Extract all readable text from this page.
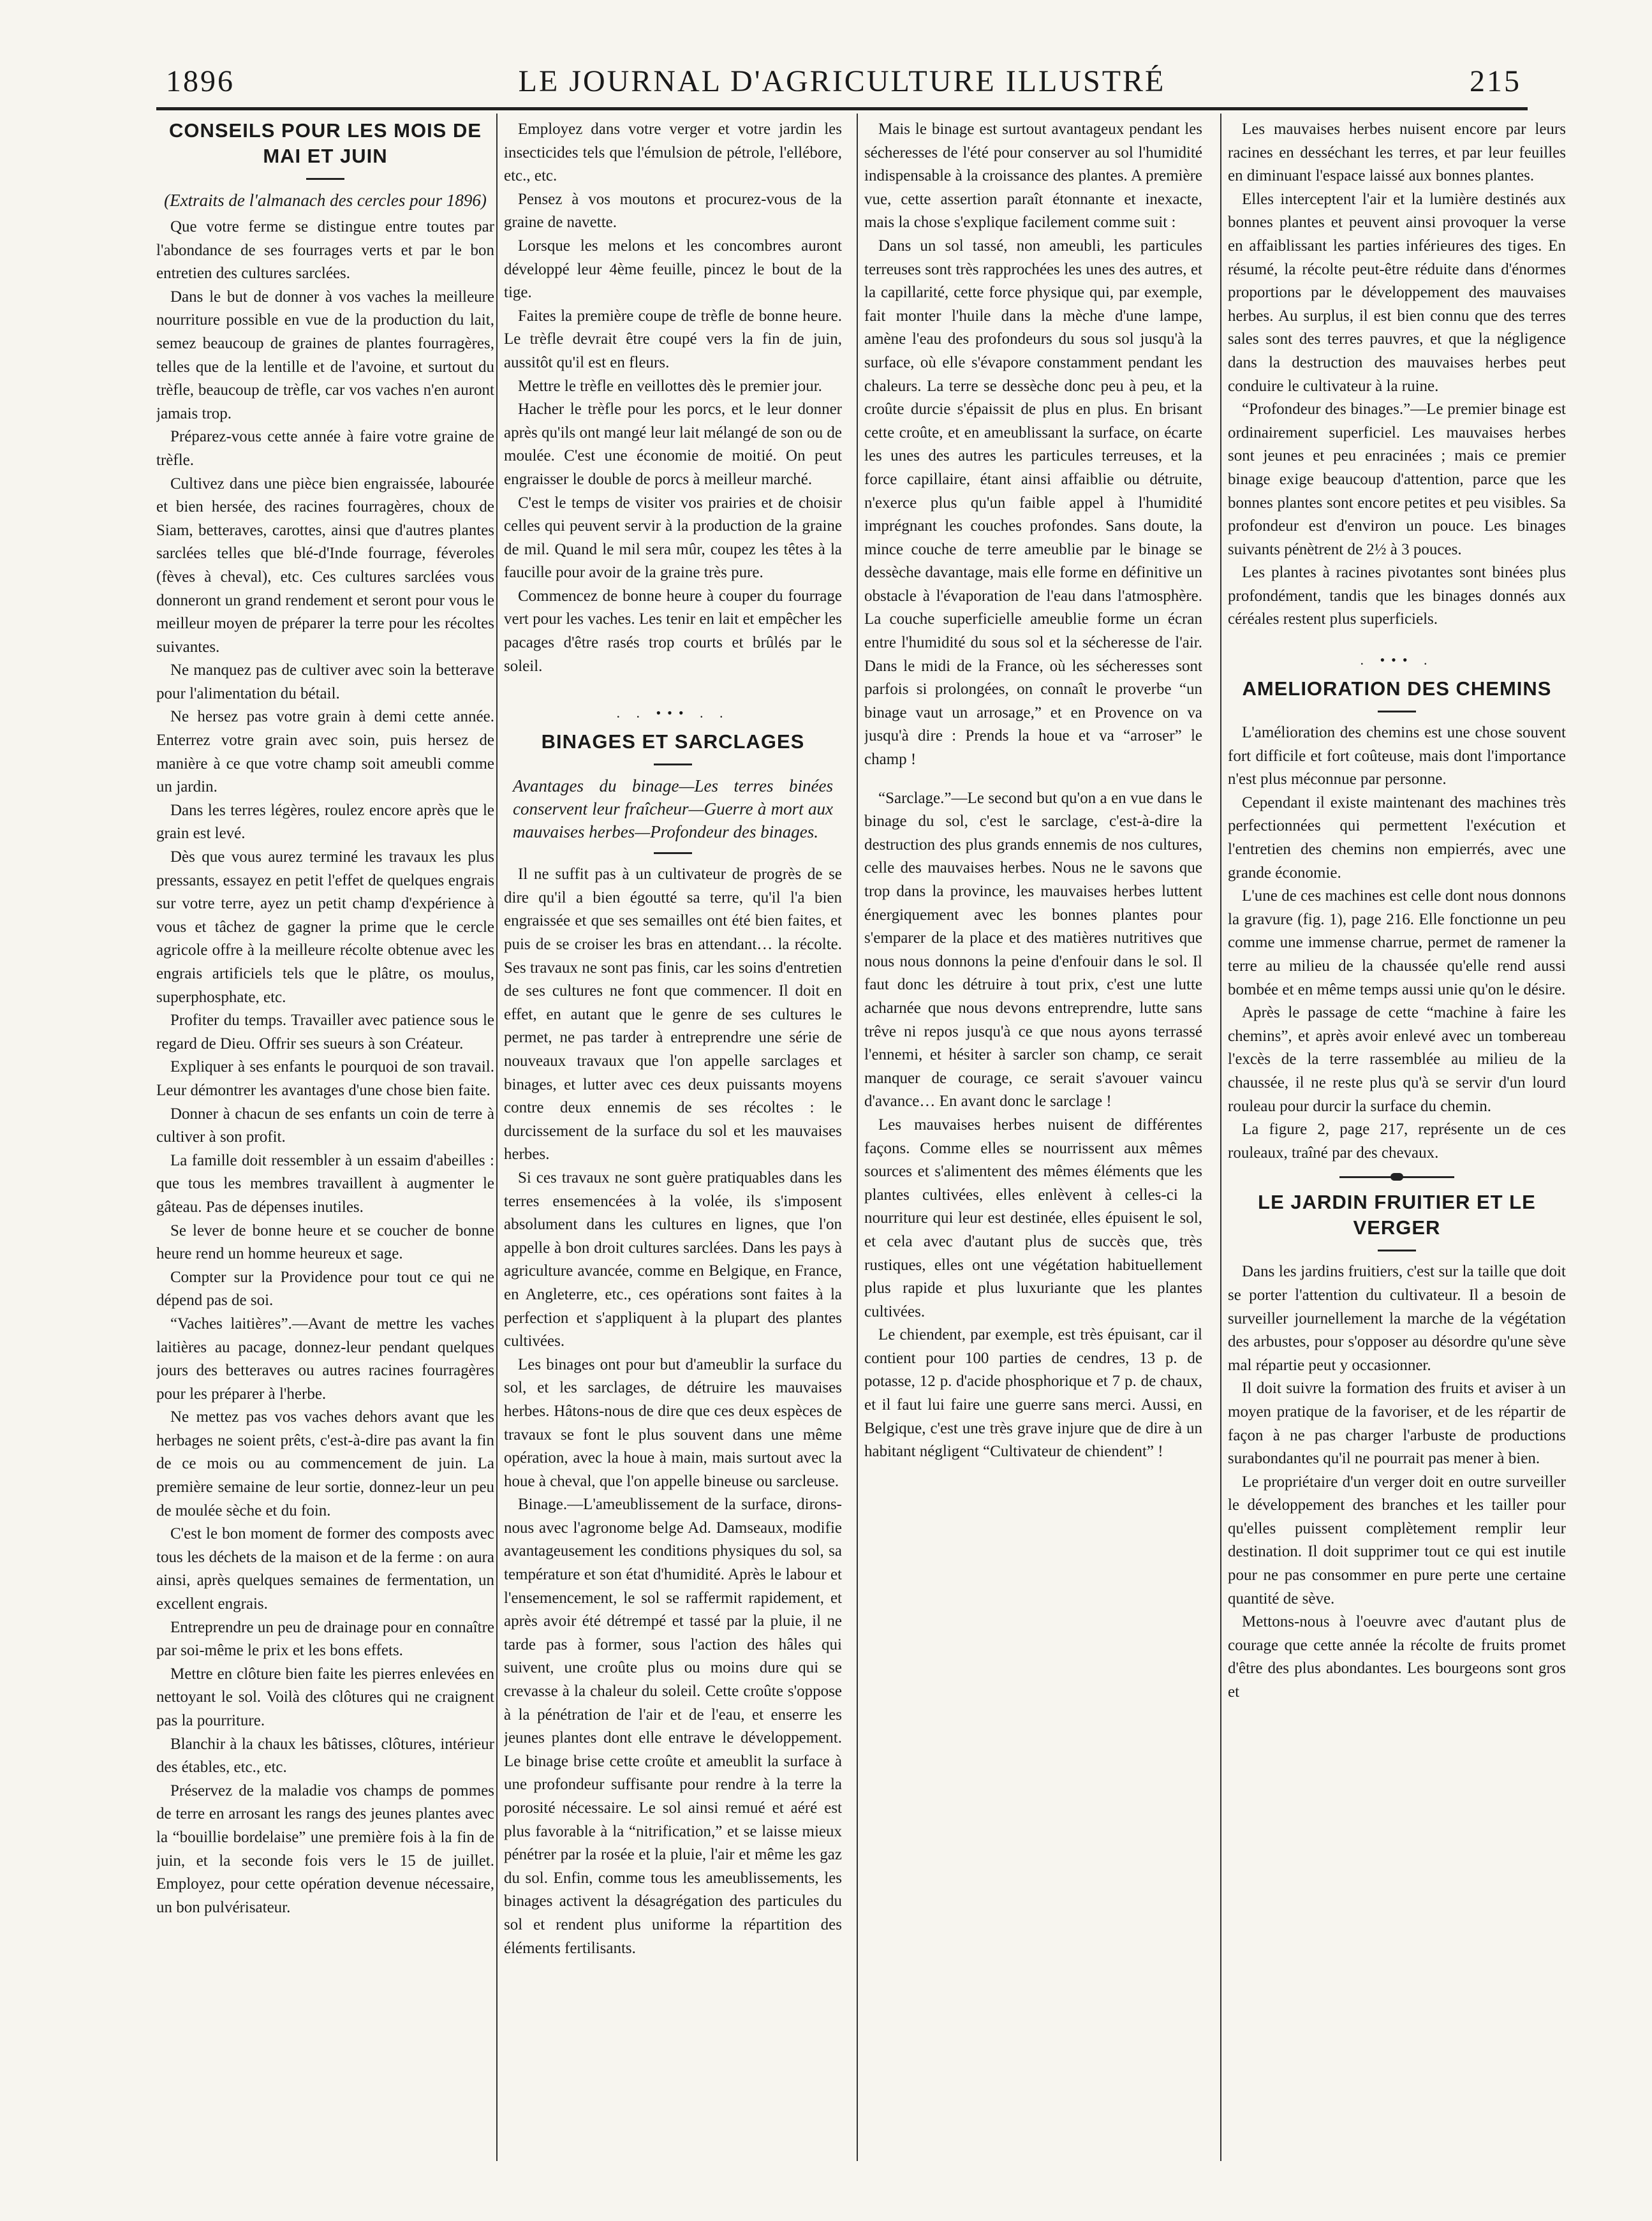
1896	LE JOURNAL D'AGRICULTURE ILLUSTRÉ	215
CONSEILS POUR LES MOIS DE MAI ET JUIN
(Extraits de l'almanach des cercles pour 1896)

Que votre ferme se distingue entre toutes par l'abondance de ses fourrages verts et par le bon entretien des cultures sarclées.

Dans le but de donner à vos vaches la meilleure nourriture possible en vue de la production du lait, semez beaucoup de graines de plantes fourragères, telles que de la lentille et de l'avoine, et surtout du trèfle, beaucoup de trèfle, car vos vaches n'en auront jamais trop.

Préparez-vous cette année à faire votre graine de trèfle.

Cultivez dans une pièce bien engraissée, labourée et bien hersée, des racines fourragères, choux de Siam, betteraves, carottes, ainsi que d'autres plantes sarclées telles que blé-d'Inde fourrage, féveroles (fèves à cheval), etc. Ces cultures sarclées vous donneront un grand rendement et seront pour vous le meilleur moyen de préparer la terre pour les récoltes suivantes.

Ne manquez pas de cultiver avec soin la betterave pour l'alimentation du bétail.

Ne hersez pas votre grain à demi cette année. Enterrez votre grain avec soin, puis hersez de manière à ce que votre champ soit ameubli comme un jardin.

Dans les terres légères, roulez encore après que le grain est levé.

Dès que vous aurez terminé les travaux les plus pressants, essayez en petit l'effet de quelques engrais sur votre terre, ayez un petit champ d'expérience à vous et tâchez de gagner la prime que le cercle agricole offre à la meilleure récolte obtenue avec les engrais artificiels tels que le plâtre, os moulus, superphosphate, etc.

Profiter du temps. Travailler avec patience sous le regard de Dieu. Offrir ses sueurs à son Créateur.

Expliquer à ses enfants le pourquoi de son travail. Leur démontrer les avantages d'une chose bien faite.

Donner à chacun de ses enfants un coin de terre à cultiver à son profit.

La famille doit ressembler à un essaim d'abeilles : que tous les membres travaillent à augmenter le gâteau. Pas de dépenses inutiles.

Se lever de bonne heure et se coucher de bonne heure rend un homme heureux et sage.

Compter sur la Providence pour tout ce qui ne dépend pas de soi.

“Vaches laitières”.—Avant de mettre les vaches laitières au pacage, donnez-leur pendant quelques jours des betteraves ou autres racines fourragères pour les préparer à l'herbe.

Ne mettez pas vos vaches dehors avant que les herbages ne soient prêts, c'est-à-dire pas avant la fin de ce mois ou au commencement de juin. La première semaine de leur sortie, donnez-leur un peu de moulée sèche et du foin.

C'est le bon moment de former des composts avec tous les déchets de la maison et de la ferme : on aura ainsi, après quelques semaines de fermentation, un excellent engrais.

Entreprendre un peu de drainage pour en connaître par soi-même le prix et les bons effets.

Mettre en clôture bien faite les pierres enlevées en nettoyant le sol. Voilà des clôtures qui ne craignent pas la pourriture.

Blanchir à la chaux les bâtisses, clôtures, intérieur des étables, etc., etc.

Préservez de la maladie vos champs de pommes de terre en arrosant les rangs des jeunes plantes avec la “bouillie bordelaise” une première fois à la fin de juin, et la seconde fois vers le 15 de juillet. Employez, pour cette opération devenue nécessaire, un bon pulvérisateur.

Employez dans votre verger et votre jardin les insecticides tels que l'émulsion de pétrole, l'ellébore, etc., etc.

Pensez à vos moutons et procurez-vous de la graine de navette.

Lorsque les melons et les concombres auront développé leur 4ème feuille, pincez le bout de la tige.

Faites la première coupe de trèfle de bonne heure. Le trèfle devrait être coupé vers la fin de juin, aussitôt qu'il est en fleurs.

Mettre le trèfle en veillottes dès le premier jour.

Hacher le trèfle pour les porcs, et le leur donner après qu'ils ont mangé leur lait mélangé de son ou de moulée. C'est une économie de moitié. On peut engraisser le double de porcs à meilleur marché.

C'est le temps de visiter vos prairies et de choisir celles qui peuvent servir à la production de la graine de mil. Quand le mil sera mûr, coupez les têtes à la faucille pour avoir de la graine très pure.

Commencez de bonne heure à couper du fourrage vert pour les vaches. Les tenir en lait et empêcher les pacages d'être rasés trop courts et brûlés par le soleil.

. . ••• . .
BINAGES ET SARCLAGES
Avantages du binage—Les terres binées conservent leur fraîcheur—Guerre à mort aux mauvaises herbes—Profondeur des binages.

Il ne suffit pas à un cultivateur de progrès de se dire qu'il a bien égoutté sa terre, qu'il l'a bien engraissée et que ses semailles ont été bien faites, et puis de se croiser les bras en attendant… la récolte. Ses travaux ne sont pas finis, car les soins d'entretien de ses cultures ne font que commencer. Il doit en effet, en autant que le genre de ses cultures le permet, ne pas tarder à entreprendre une série de nouveaux travaux que l'on appelle sarclages et binages, et lutter avec ces deux puissants moyens contre deux ennemis de ses récoltes : le durcissement de la surface du sol et les mauvaises herbes.

Si ces travaux ne sont guère pratiquables dans les terres ensemencées à la volée, ils s'imposent absolument dans les cultures en lignes, que l'on appelle à bon droit cultures sarclées. Dans les pays à agriculture avancée, comme en Belgique, en France, en Angleterre, etc., ces opérations sont faites à la perfection et s'appliquent à la plupart des plantes cultivées.

Les binages ont pour but d'ameublir la surface du sol, et les sarclages, de détruire les mauvaises herbes. Hâtons-nous de dire que ces deux espèces de travaux se font le plus souvent dans une même opération, avec la houe à main, mais surtout avec la houe à cheval, que l'on appelle bineuse ou sarcleuse.

Binage.—L'ameublissement de la surface, dirons-nous avec l'agronome belge Ad. Damseaux, modifie avantageusement les conditions physiques du sol, sa température et son état d'humidité. Après le labour et l'ensemencement, le sol se raffermit rapidement, et après avoir été détrempé et tassé par la pluie, il ne tarde pas à former, sous l'action des hâles qui suivent, une croûte plus ou moins dure qui se crevasse à la chaleur du soleil. Cette croûte s'oppose à la pénétration de l'air et de l'eau, et enserre les jeunes plantes dont elle entrave le développement. Le binage brise cette croûte et ameublit la surface à une profondeur suffisante pour rendre à la terre la porosité nécessaire. Le sol ainsi remué et aéré est plus favorable à la “nitrification,” et se laisse mieux pénétrer par la rosée et la pluie, l'air et même les gaz du sol. Enfin, comme tous les ameublissements, les binages activent la désagrégation des particules du sol et rendent plus uniforme la répartition des éléments fertilisants.

Mais le binage est surtout avantageux pendant les sécheresses de l'été pour conserver au sol l'humidité indispensable à la croissance des plantes. A première vue, cette assertion paraît étonnante et inexacte, mais la chose s'explique facilement comme suit :

Dans un sol tassé, non ameubli, les particules terreuses sont très rapprochées les unes des autres, et la capillarité, cette force physique qui, par exemple, fait monter l'huile dans la mèche d'une lampe, amène l'eau des profondeurs du sous sol jusqu'à la surface, où elle s'évapore constamment pendant les chaleurs. La terre se dessèche donc peu à peu, et la croûte durcie s'épaissit de plus en plus. En brisant cette croûte, et en ameublissant la surface, on écarte les unes des autres les particules terreuses, et la force capillaire, étant ainsi affaiblie ou détruite, n'exerce plus qu'un faible appel à l'humidité imprégnant les couches profondes. Sans doute, la mince couche de terre ameublie par le binage se dessèche davantage, mais elle forme en définitive un obstacle à l'évaporation de l'eau dans l'atmosphère. La couche superficielle ameublie forme un écran entre l'humidité du sous sol et la sécheresse de l'air. Dans le midi de la France, où les sécheresses sont parfois si prolongées, on connaît le proverbe “un binage vaut un arrosage,” et en Provence on va jusqu'à dire : Prends la houe et va “arroser” le champ !

“Sarclage.”—Le second but qu'on a en vue dans le binage du sol, c'est le sarclage, c'est-à-dire la destruction des plus grands ennemis de nos cultures, celle des mauvaises herbes. Nous ne le savons que trop dans la province, les mauvaises herbes luttent énergiquement avec les bonnes plantes pour s'emparer de la place et des matières nutritives que nous nous donnons la peine d'enfouir dans le sol. Il faut donc les détruire à tout prix, c'est une lutte acharnée que nous devons entreprendre, lutte sans trêve ni repos jusqu'à ce que nous ayons terrassé l'ennemi, et hésiter à sarcler son champ, ce serait manquer de courage, ce serait s'avouer vaincu d'avance… En avant donc le sarclage !

Les mauvaises herbes nuisent de différentes façons. Comme elles se nourrissent aux mêmes sources et s'alimentent des mêmes éléments que les plantes cultivées, elles enlèvent à celles-ci la nourriture qui leur est destinée, elles épuisent le sol, et cela avec d'autant plus de succès que, très rustiques, elles ont une végétation habituellement plus rapide et plus luxuriante que les plantes cultivées.

Le chiendent, par exemple, est très épuisant, car il contient pour 100 parties de cendres, 13 p. de potasse, 12 p. d'acide phosphorique et 7 p. de chaux, et il faut lui faire une guerre sans merci. Aussi, en Belgique, c'est une très grave injure que de dire à un habitant négligent “Cultivateur de chiendent” !

Les mauvaises herbes nuisent encore par leurs racines en desséchant les terres, et par leur feuilles en diminuant l'espace laissé aux bonnes plantes.

Elles interceptent l'air et la lumière destinés aux bonnes plantes et peuvent ainsi provoquer la verse en affaiblissant les parties inférieures des tiges. En résumé, la récolte peut-être réduite dans d'énormes proportions par le développement des mauvaises herbes. Au surplus, il est bien connu que des terres sales sont des terres pauvres, et que la négligence dans la destruction des mauvaises herbes peut conduire le cultivateur à la ruine.

“Profondeur des binages.”—Le premier binage est ordinairement superficiel. Les mauvaises herbes sont jeunes et peu enracinées ; mais ce premier binage exige beaucoup d'attention, parce que les bonnes plantes sont encore petites et peu visibles. Sa profondeur est d'environ un pouce. Les binages suivants pénètrent de 2½ à 3 pouces.

Les plantes à racines pivotantes sont binées plus profondément, tandis que les binages donnés aux céréales restent plus superficiels.

. ••• .
AMELIORATION DES CHEMINS

L'amélioration des chemins est une chose souvent fort difficile et fort coûteuse, mais dont l'importance n'est plus méconnue par personne.

Cependant il existe maintenant des machines très perfectionnées qui permettent l'exécution et l'entretien des chemins non empierrés, avec une grande économie.

L'une de ces machines est celle dont nous donnons la gravure (fig. 1), page 216. Elle fonctionne un peu comme une immense charrue, permet de ramener la terre au milieu de la chaussée qu'elle rend aussi bombée et en même temps aussi unie qu'on le désire.

Après le passage de cette “machine à faire les chemins”, et après avoir enlevé avec un tombereau l'excès de la terre rassemblée au milieu de la chaussée, il ne reste plus qu'à se servir d'un lourd rouleau pour durcir la surface du chemin.

La figure 2, page 217, représente un de ces rouleaux, traîné par des chevaux.

LE JARDIN FRUITIER ET LE VERGER

Dans les jardins fruitiers, c'est sur la taille que doit se porter l'attention du cultivateur. Il a besoin de surveiller journellement la marche de la végétation des arbustes, pour s'opposer au désordre qu'une sève mal répartie peut y occasionner.

Il doit suivre la formation des fruits et aviser à un moyen pratique de la favoriser, et de les répartir de façon à ne pas charger l'arbuste de productions surabondantes qu'il ne pourrait pas mener à bien.

Le propriétaire d'un verger doit en outre surveiller le développement des branches et les tailler pour qu'elles puissent complètement remplir leur destination. Il doit supprimer tout ce qui est inutile pour ne pas consommer en pure perte une certaine quantité de sève.

Mettons-nous à l'oeuvre avec d'autant plus de courage que cette année la récolte de fruits promet d'être des plus abondantes. Les bourgeons sont gros et
